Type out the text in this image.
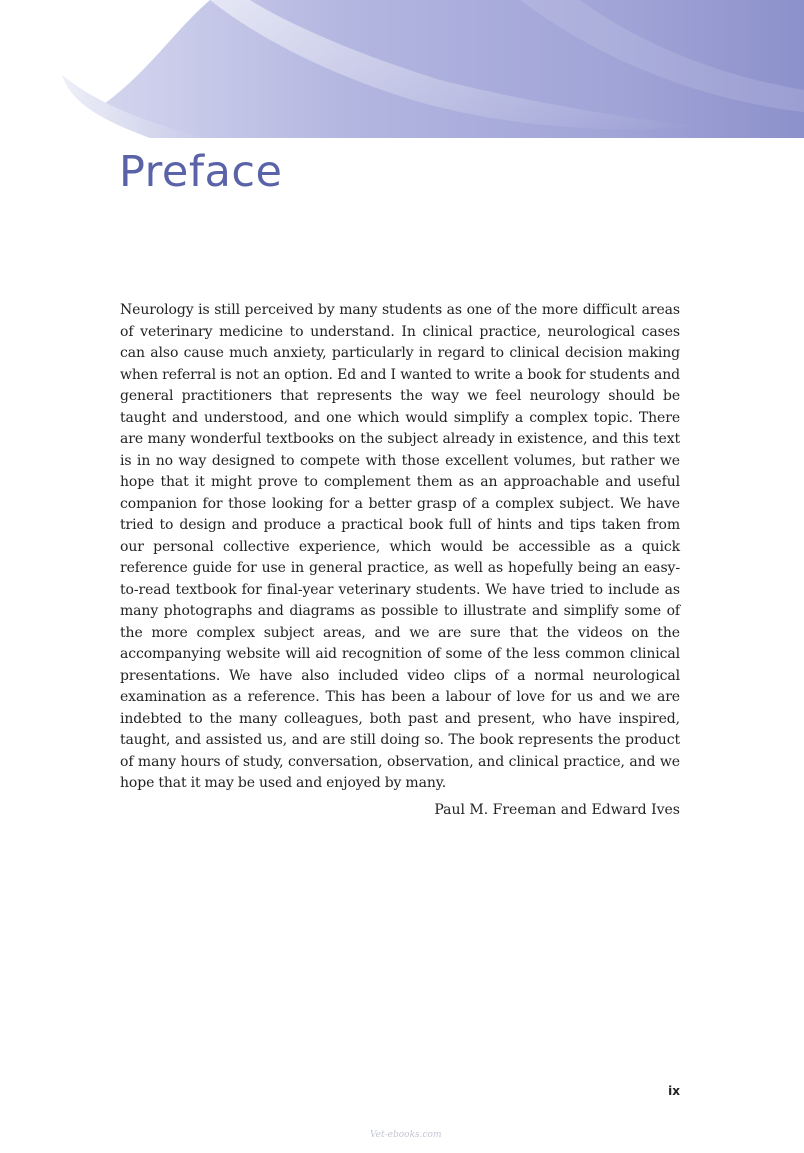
Preface

Neurology is still perceived by many students as one of the more difficult areas of veterinary medicine to understand. In clinical practice, neurological cases can also cause much anxiety, particularly in regard to clinical decision making when referral is not an option. Ed and I wanted to write a book for students and general practitioners that represents the way we feel neurology should be taught and understood, and one which would simplify a complex topic. There are many wonderful textbooks on the subject already in existence, and this text is in no way designed to compete with those excellent volumes, but rather we hope that it might prove to complement them as an approachable and useful companion for those looking for a better grasp of a complex subject. We have tried to design and produce a practical book full of hints and tips taken from our personal collective experience, which would be accessible as a quick reference guide for use in general practice, as well as hopefully being an easy-to-read textbook for final-year veterinary students. We have tried to include as many photographs and diagrams as possible to illustrate and simplify some of the more complex subject areas, and we are sure that the videos on the accompanying website will aid recognition of some of the less common clinical presentations. We have also included video clips of a normal neurological examination as a reference. This has been a labour of love for us and we are indebted to the many colleagues, both past and present, who have inspired, taught, and assisted us, and are still doing so. The book represents the product of many hours of study, conversation, observation, and clinical practice, and we hope that it may be used and enjoyed by many.

Paul M. Freeman and Edward Ives

ix
Vet-ebooks.com
